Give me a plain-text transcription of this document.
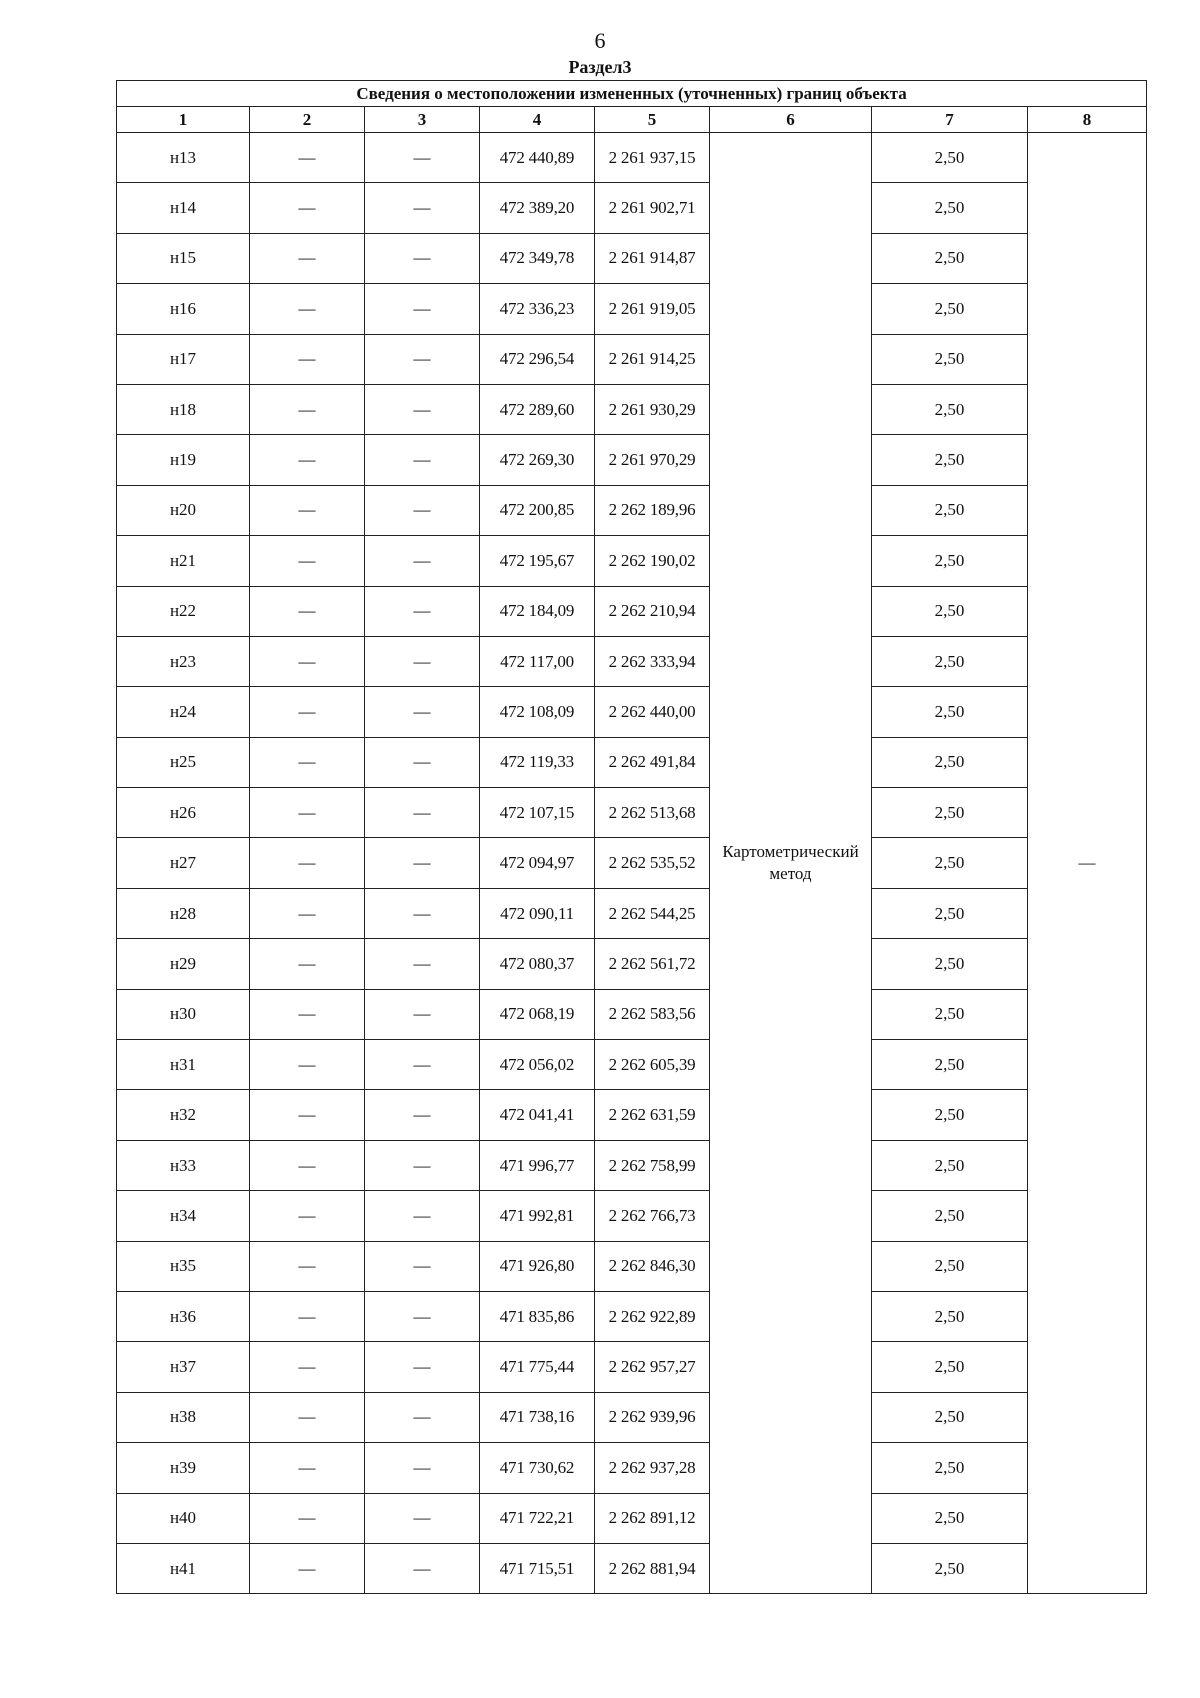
6
Раздел3
Сведения о местоположении измененных (уточненных) границ объекта							
1	2	3	4	5	6	7	8
н13	—	—	472 440,89	2 261 937,15	Картометрический метод	2,50	—
н14	—	—	472 389,20	2 261 902,71		2,50	
н15	—	—	472 349,78	2 261 914,87		2,50	
н16	—	—	472 336,23	2 261 919,05		2,50	
н17	—	—	472 296,54	2 261 914,25		2,50	
н18	—	—	472 289,60	2 261 930,29		2,50	
н19	—	—	472 269,30	2 261 970,29		2,50	
н20	—	—	472 200,85	2 262 189,96		2,50	
н21	—	—	472 195,67	2 262 190,02		2,50	
н22	—	—	472 184,09	2 262 210,94		2,50	
н23	—	—	472 117,00	2 262 333,94		2,50	
н24	—	—	472 108,09	2 262 440,00		2,50	
н25	—	—	472 119,33	2 262 491,84		2,50	
н26	—	—	472 107,15	2 262 513,68		2,50	
н27	—	—	472 094,97	2 262 535,52		2,50	
н28	—	—	472 090,11	2 262 544,25		2,50	
н29	—	—	472 080,37	2 262 561,72		2,50	
н30	—	—	472 068,19	2 262 583,56		2,50	
н31	—	—	472 056,02	2 262 605,39		2,50	
н32	—	—	472 041,41	2 262 631,59		2,50	
н33	—	—	471 996,77	2 262 758,99		2,50	
н34	—	—	471 992,81	2 262 766,73		2,50	
н35	—	—	471 926,80	2 262 846,30		2,50	
н36	—	—	471 835,86	2 262 922,89		2,50	
н37	—	—	471 775,44	2 262 957,27		2,50	
н38	—	—	471 738,16	2 262 939,96		2,50	
н39	—	—	471 730,62	2 262 937,28		2,50	
н40	—	—	471 722,21	2 262 891,12		2,50	
н41	—	—	471 715,51	2 262 881,94		2,50	
